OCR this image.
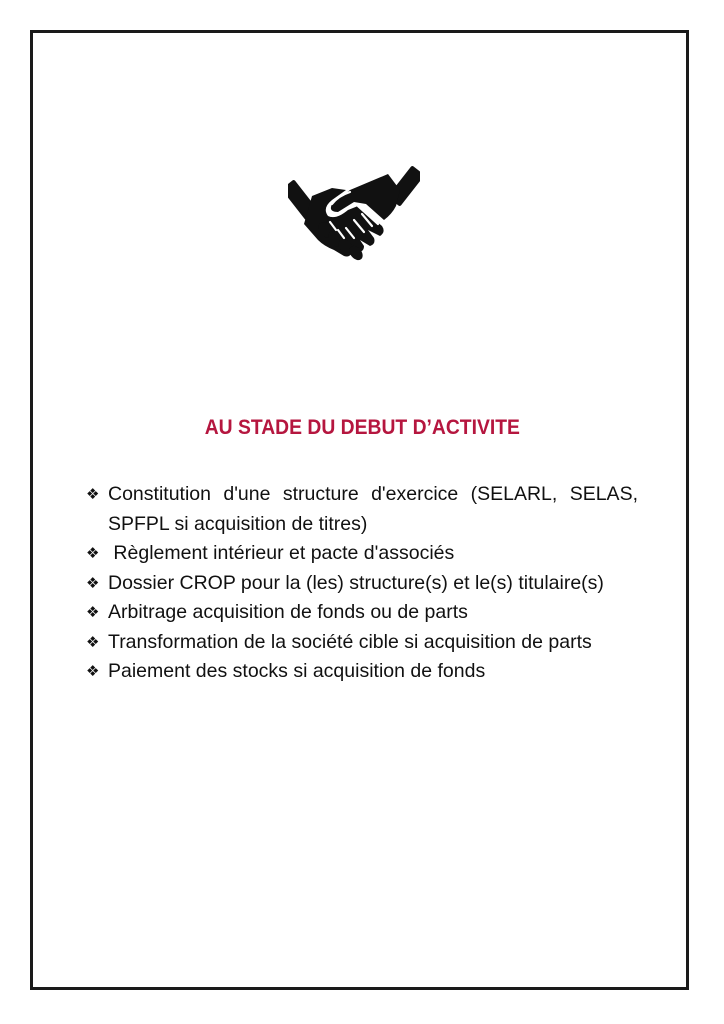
AU STADE DU DEBUT D’ACTIVITE
❖ Constitution d'une structure d'exercice (SELARL, SELAS, SPFPL si acquisition de titres)
❖ Règlement intérieur et pacte d'associés
❖ Dossier CROP pour la (les) structure(s) et le(s) titulaire(s)
❖ Arbitrage acquisition de fonds ou de parts
❖ Transformation de la société cible si acquisition de parts
❖ Paiement des stocks si acquisition de fonds
